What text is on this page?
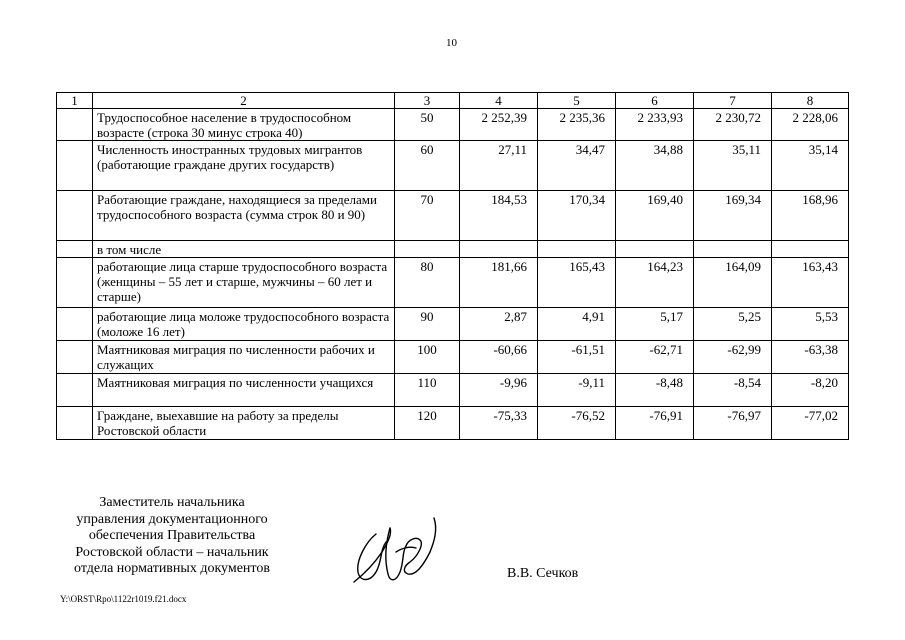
10
1	2	3	4	5	6	7	8
	Трудоспособное население в трудоспособном возрасте (строка 30 минус строка 40)	50	2 252,39	2 235,36	2 233,93	2 230,72	2 228,06
	Численность иностранных трудовых мигрантов (работающие граждане других государств)	60	27,11	34,47	34,88	35,11	35,14
	Работающие граждане, находящиеся за пределами трудоспособного возраста (сумма строк 80 и 90)	70	184,53	170,34	169,40	169,34	168,96
	в том числе						
	работающие лица старше трудоспособного возраста (женщины – 55 лет и старше, мужчины – 60 лет и старше)	80	181,66	165,43	164,23	164,09	163,43
	работающие лица моложе трудоспособного возраста (моложе 16 лет)	90	2,87	4,91	5,17	5,25	5,53
	Маятниковая миграция по численности рабочих и служащих	100	-60,66	-61,51	-62,71	-62,99	-63,38
	Маятниковая миграция по численности учащихся	110	-9,96	-9,11	-8,48	-8,54	-8,20
	Граждане, выехавшие на работу за пределы Ростовской области	120	-75,33	-76,52	-76,91	-76,97	-77,02
Заместитель начальника
управления документационного
обеспечения Правительства
Ростовской области – начальник
отдела нормативных документов	В.В. Сечков
Y:\ORST\Rpo\1122r1019.f21.docx
